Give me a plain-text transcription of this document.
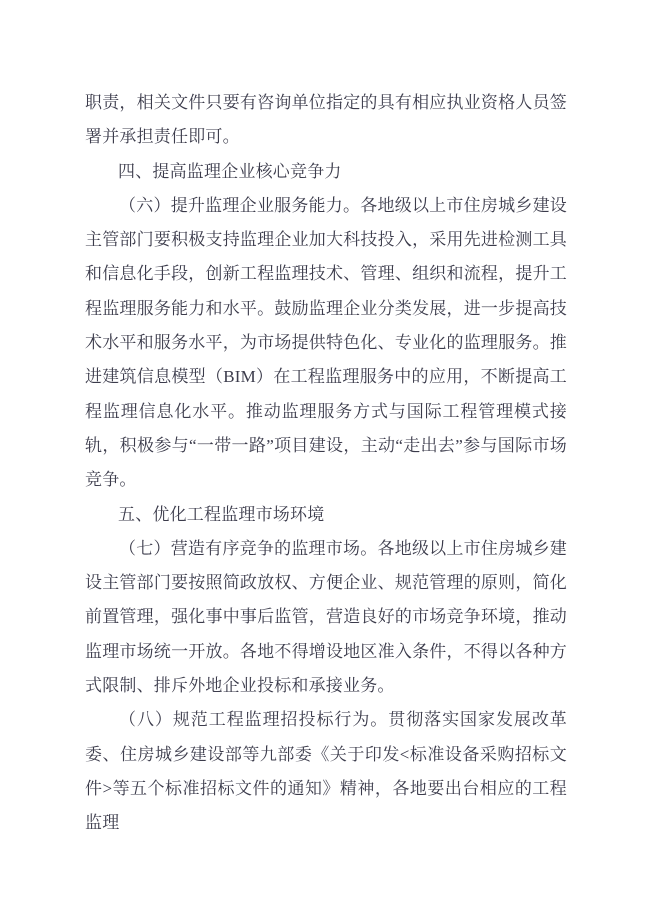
职责，相关文件只要有咨询单位指定的具有相应执业资格人员签署并承担责任即可。

四、提高监理企业核心竞争力

（六）提升监理企业服务能力。各地级以上市住房城乡建设主管部门要积极支持监理企业加大科技投入，采用先进检测工具和信息化手段，创新工程监理技术、管理、组织和流程，提升工程监理服务能力和水平。鼓励监理企业分类发展，进一步提高技术水平和服务水平，为市场提供特色化、专业化的监理服务。推进建筑信息模型（BIM）在工程监理服务中的应用，不断提高工程监理信息化水平。推动监理服务方式与国际工程管理模式接轨，积极参与“一带一路”项目建设，主动“走出去”参与国际市场竞争。

五、优化工程监理市场环境

（七）营造有序竞争的监理市场。各地级以上市住房城乡建设主管部门要按照简政放权、方便企业、规范管理的原则，简化前置管理，强化事中事后监管，营造良好的市场竞争环境，推动监理市场统一开放。各地不得增设地区准入条件，不得以各种方式限制、排斥外地企业投标和承接业务。

（八）规范工程监理招投标行为。贯彻落实国家发展改革委、住房城乡建设部等九部委《关于印发<标准设备采购招标文件>等五个标准招标文件的通知》精神，各地要出台相应的工程监理
